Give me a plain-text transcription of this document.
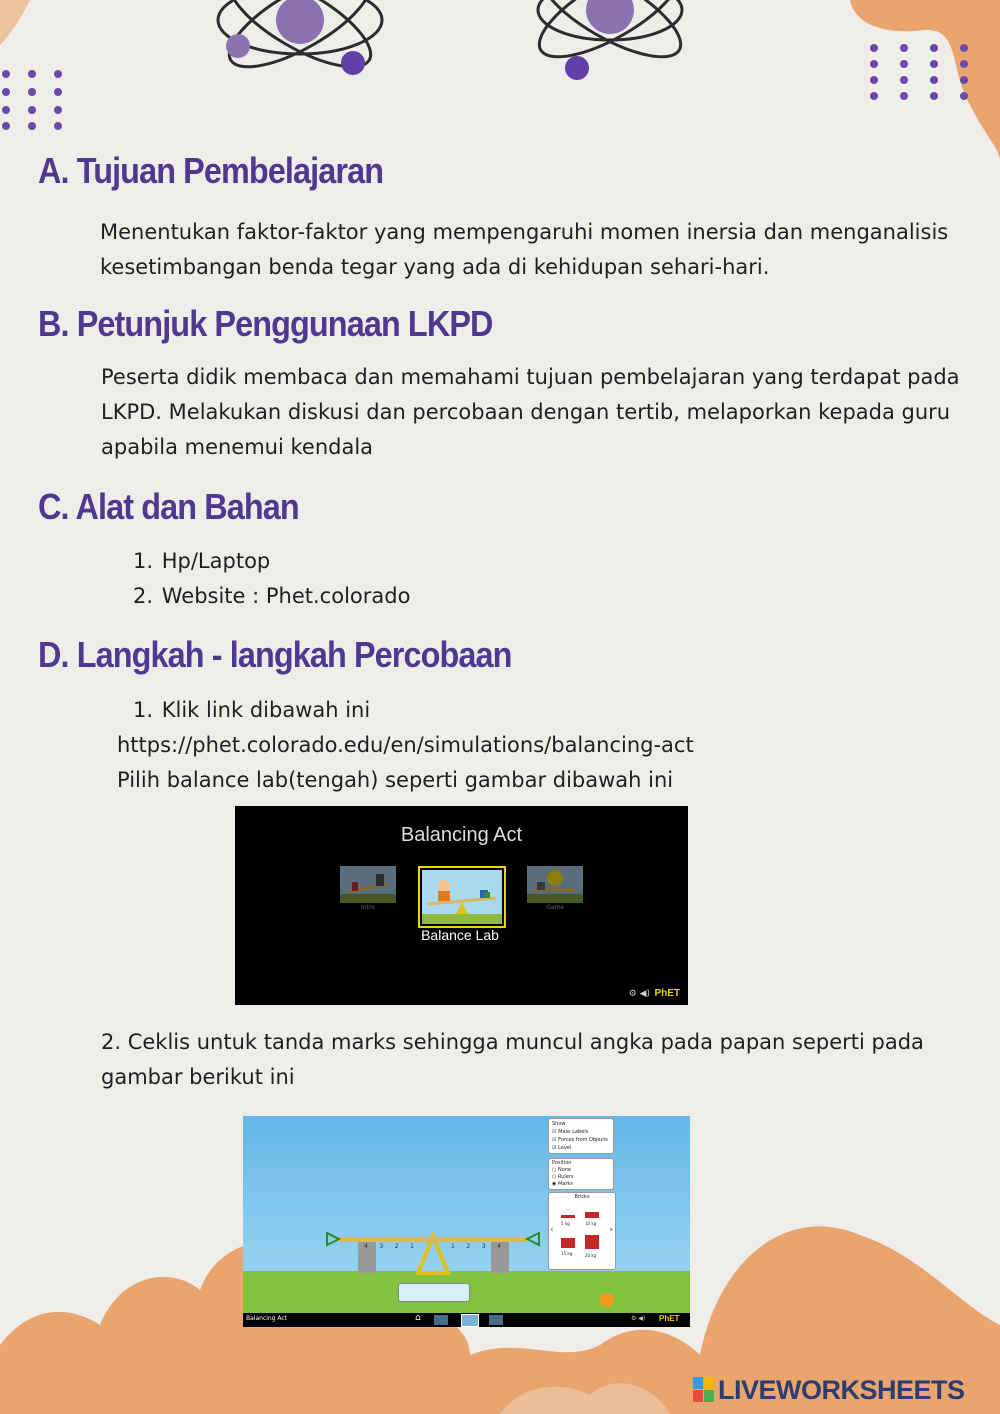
A. Tujuan Pembelajaran

Menentukan faktor-faktor yang mempengaruhi momen inersia dan menganalisis

kesetimbangan benda tegar yang ada di kehidupan sehari-hari.

B. Petunjuk Penggunaan LKPD

Peserta didik membaca dan memahami tujuan pembelajaran yang terdapat pada

LKPD. Melakukan diskusi dan percobaan dengan tertib, melaporkan kepada guru

apabila menemui kendala

C. Alat dan Bahan
1. Hp/Laptop
2. Website : Phet.colorado
D. Langkah - langkah Percobaan
1. Klik link dibawah ini
https://phet.colorado.edu/en/simulations/balancing-act
Pilih balance lab(tengah) seperti gambar dibawah ini
Balancing Act
Intro
Balance Lab
Game
⚙ ◀) PhET

2. Ceklis untuk tanda marks sehingga muncul angka pada papan seperti pada

gambar berikut ini

4 3 2 1	1 2 3 4
Show
☑ Mass Labels
☑ Forces from Objects
☑ Level
Position
○ None
○ Rulers
◉ Marks
Bricks
‹	›
5 kg	10 kg
15 kg	20 kg
Balancing Act	⌂	⚙ ◀) PhET
LIVEWORKSHEETS
